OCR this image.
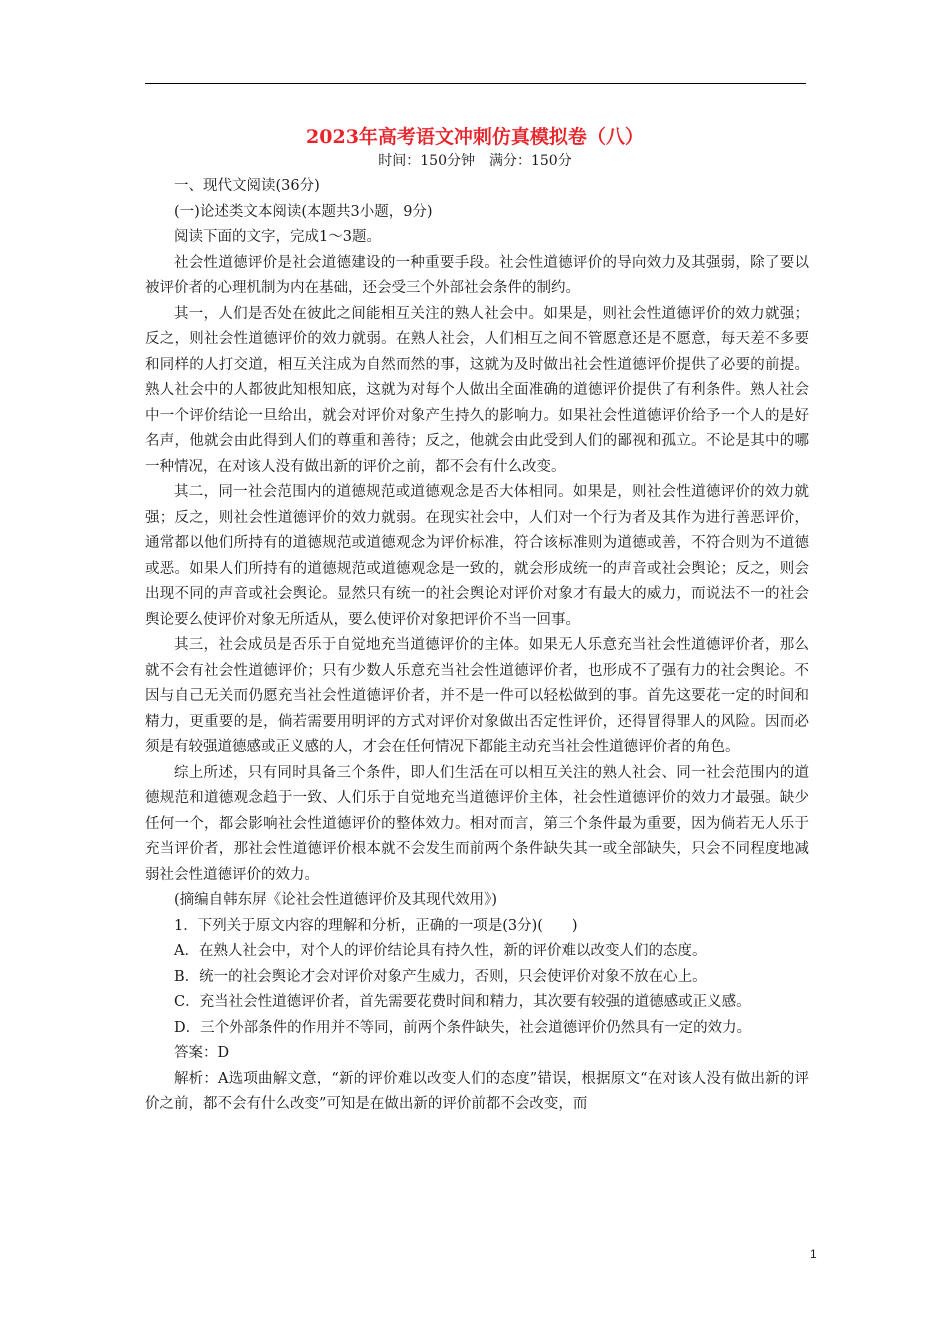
2023年高考语文冲刺仿真模拟卷（八）
时间：150分钟　满分：150分

一、现代文阅读(36分)

(一)论述类文本阅读(本题共3小题，9分)

阅读下面的文字，完成1～3题。

社会性道德评价是社会道德建设的一种重要手段。社会性道德评价的导向效力及其强弱，除了要以被评价者的心理机制为内在基础，还会受三个外部社会条件的制约。

其一，人们是否处在彼此之间能相互关注的熟人社会中。如果是，则社会性道德评价的效力就强；反之，则社会性道德评价的效力就弱。在熟人社会，人们相互之间不管愿意还是不愿意，每天差不多要和同样的人打交道，相互关注成为自然而然的事，这就为及时做出社会性道德评价提供了必要的前提。熟人社会中的人都彼此知根知底，这就为对每个人做出全面准确的道德评价提供了有利条件。熟人社会中一个评价结论一旦给出，就会对评价对象产生持久的影响力。如果社会性道德评价给予一个人的是好名声，他就会由此得到人们的尊重和善待；反之，他就会由此受到人们的鄙视和孤立。不论是其中的哪一种情况，在对该人没有做出新的评价之前，都不会有什么改变。

其二，同一社会范围内的道德规范或道德观念是否大体相同。如果是，则社会性道德评价的效力就强；反之，则社会性道德评价的效力就弱。在现实社会中，人们对一个行为者及其作为进行善恶评价，通常都以他们所持有的道德规范或道德观念为评价标准，符合该标准则为道德或善，不符合则为不道德或恶。如果人们所持有的道德规范或道德观念是一致的，就会形成统一的声音或社会舆论；反之，则会出现不同的声音或社会舆论。显然只有统一的社会舆论对评价对象才有最大的威力，而说法不一的社会舆论要么使评价对象无所适从，要么使评价对象把评价不当一回事。

其三，社会成员是否乐于自觉地充当道德评价的主体。如果无人乐意充当社会性道德评价者，那么就不会有社会性道德评价；只有少数人乐意充当社会性道德评价者，也形成不了强有力的社会舆论。不因与自己无关而仍愿充当社会性道德评价者，并不是一件可以轻松做到的事。首先这要花一定的时间和精力，更重要的是，倘若需要用明评的方式对评价对象做出否定性评价，还得冒得罪人的风险。因而必须是有较强道德感或正义感的人，才会在任何情况下都能主动充当社会性道德评价者的角色。

综上所述，只有同时具备三个条件，即人们生活在可以相互关注的熟人社会、同一社会范围内的道德规范和道德观念趋于一致、人们乐于自觉地充当道德评价主体，社会性道德评价的效力才最强。缺少任何一个，都会影响社会性道德评价的整体效力。相对而言，第三个条件最为重要，因为倘若无人乐于充当评价者，那社会性道德评价根本就不会发生而前两个条件缺失其一或全部缺失，只会不同程度地减弱社会性道德评价的效力。

(摘编自韩东屏《论社会性道德评价及其现代效用》)

1．下列关于原文内容的理解和分析，正确的一项是(3分)(　　)

A．在熟人社会中，对个人的评价结论具有持久性，新的评价难以改变人们的态度。

B．统一的社会舆论才会对评价对象产生威力，否则，只会使评价对象不放在心上。

C．充当社会性道德评价者，首先需要花费时间和精力，其次要有较强的道德感或正义感。

D．三个外部条件的作用并不等同，前两个条件缺失，社会道德评价仍然具有一定的效力。

答案：D

解析：A选项曲解文意，“新的评价难以改变人们的态度”错误，根据原文“在对该人没有做出新的评价之前，都不会有什么改变”可知是在做出新的评价前都不会改变，而

1
